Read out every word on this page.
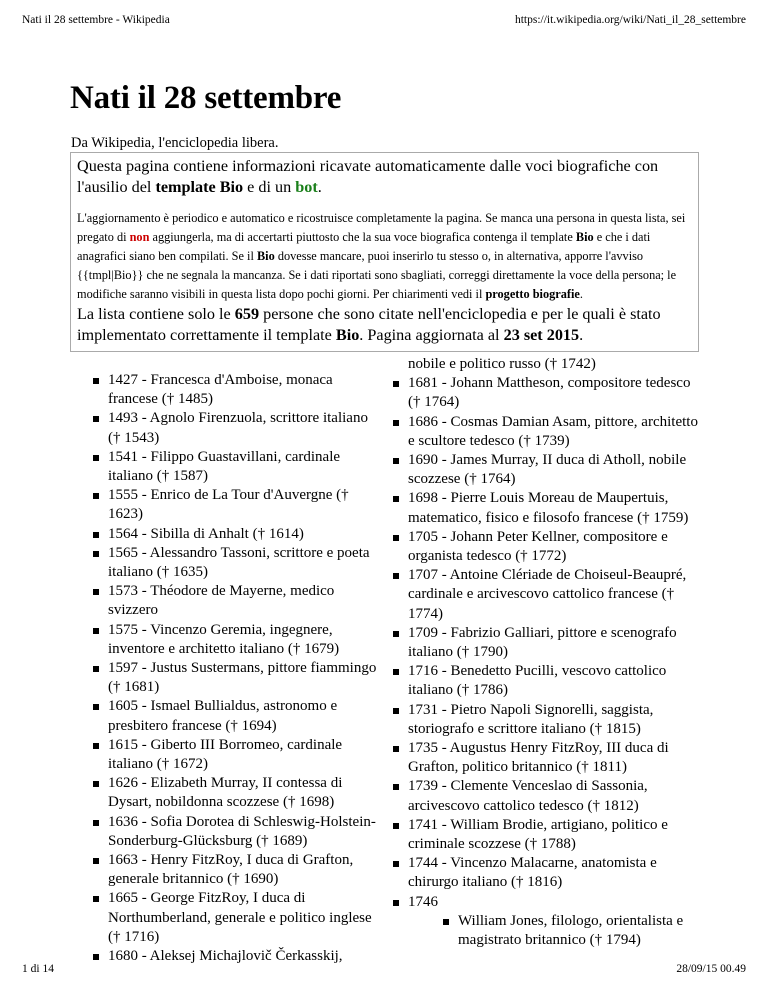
Nati il 28 settembre - Wikipedia	https://it.wikipedia.org/wiki/Nati_il_28_settembre
Nati il 28 settembre
Da Wikipedia, l'enciclopedia libera.

Questa pagina contiene informazioni ricavate automaticamente dalle voci biografiche con l'ausilio del template Bio e di un bot.

L'aggiornamento è periodico e automatico e ricostruisce completamente la pagina. Se manca una persona in questa lista, sei pregato di non aggiungerla, ma di accertarti piuttosto che la sua voce biografica contenga il template Bio e che i dati anagrafici siano ben compilati. Se il Bio dovesse mancare, puoi inserirlo tu stesso o, in alternativa, apporre l'avviso {{tmpl|Bio}} che ne segnala la mancanza. Se i dati riportati sono sbagliati, correggi direttamente la voce della persona; le modifiche saranno visibili in questa lista dopo pochi giorni. Per chiarimenti vedi il progetto biografie.

La lista contiene solo le 659 persone che sono citate nell'enciclopedia e per le quali è stato implementato correttamente il template Bio. Pagina aggiornata al 23 set 2015.

1427 - Francesca d'Amboise, monaca francese († 1485)
1493 - Agnolo Firenzuola, scrittore italiano († 1543)
1541 - Filippo Guastavillani, cardinale italiano († 1587)
1555 - Enrico de La Tour d'Auvergne († 1623)
1564 - Sibilla di Anhalt († 1614)
1565 - Alessandro Tassoni, scrittore e poeta italiano († 1635)
1573 - Théodore de Mayerne, medico svizzero
1575 - Vincenzo Geremia, ingegnere, inventore e architetto italiano († 1679)
1597 - Justus Sustermans, pittore fiammingo († 1681)
1605 - Ismael Bullialdus, astronomo e presbitero francese († 1694)
1615 - Giberto III Borromeo, cardinale italiano († 1672)
1626 - Elizabeth Murray, II contessa di Dysart, nobildonna scozzese († 1698)
1636 - Sofia Dorotea di Schleswig-Holstein-Sonderburg-Glücksburg († 1689)
1663 - Henry FitzRoy, I duca di Grafton, generale britannico († 1690)
1665 - George FitzRoy, I duca di Northumberland, generale e politico inglese († 1716)
1680 - Aleksej Michajlovič Čerkasskij,
nobile e politico russo († 1742)
1681 - Johann Mattheson, compositore tedesco († 1764)
1686 - Cosmas Damian Asam, pittore, architetto e scultore tedesco († 1739)
1690 - James Murray, II duca di Atholl, nobile scozzese († 1764)
1698 - Pierre Louis Moreau de Maupertuis, matematico, fisico e filosofo francese († 1759)
1705 - Johann Peter Kellner, compositore e organista tedesco († 1772)
1707 - Antoine Clériade de Choiseul-Beaupré, cardinale e arcivescovo cattolico francese († 1774)
1709 - Fabrizio Galliari, pittore e scenografo italiano († 1790)
1716 - Benedetto Pucilli, vescovo cattolico italiano († 1786)
1731 - Pietro Napoli Signorelli, saggista, storiografo e scrittore italiano († 1815)
1735 - Augustus Henry FitzRoy, III duca di Grafton, politico britannico († 1811)
1739 - Clemente Venceslao di Sassonia, arcivescovo cattolico tedesco († 1812)
1741 - William Brodie, artigiano, politico e criminale scozzese († 1788)
1744 - Vincenzo Malacarne, anatomista e chirurgo italiano († 1816)
1746
William Jones, filologo, orientalista e magistrato britannico († 1794)
1 di 14	28/09/15 00.49
